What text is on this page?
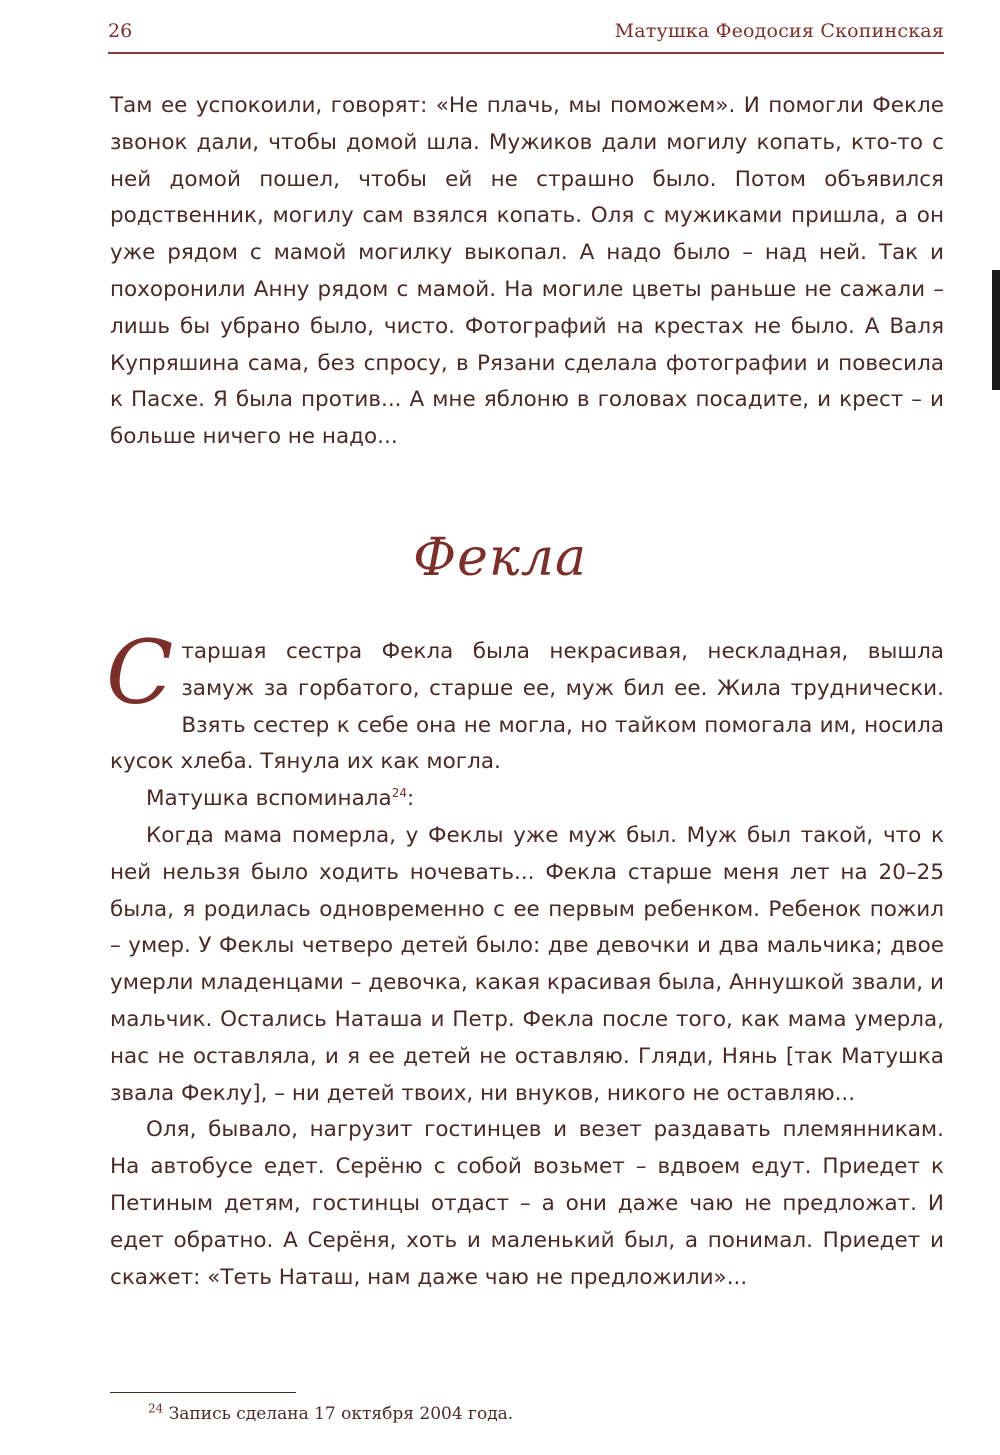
26	Матушка Феодосия Скопинская

Там ее успокоили, говорят: «Не плачь, мы поможем». И помогли Фекле звонок дали, чтобы домой шла. Мужиков дали могилу копать, кто-то с ней домой пошел, чтобы ей не страшно было. Потом объявился родственник, могилу сам взялся копать. Оля с мужиками пришла, а он уже рядом с мамой могилку выкопал. А надо было – над ней. Так и похоронили Анну рядом с мамой. На могиле цветы раньше не сажали – лишь бы убрано было, чисто. Фотографий на крестах не было. А Валя Купряшина сама, без спросу, в Рязани сделала фотографии и повесила к Пасхе. Я была против... А мне яблоню в головах посадите, и крест – и больше ничего не надо...

Фекла

Старшая сестра Фекла была некрасивая, нескладная, вышла замуж за горбатого, старше ее, муж бил ее. Жила труднически. Взять сестер к себе она не могла, но тайком помогала им, носила кусок хлеба. Тянула их как могла.

Матушка вспоминала$^{24}$:

Когда мама померла, у Феклы уже муж был. Муж был такой, что к ней нельзя было ходить ночевать... Фекла старше меня лет на 20–25 была, я родилась одновременно с ее первым ребенком. Ребенок пожил – умер. У Феклы четверо детей было: две девочки и два мальчика; двое умерли младенцами – девочка, какая красивая была, Аннушкой звали, и мальчик. Остались Наташа и Петр. Фекла после того, как мама умерла, нас не оставляла, и я ее детей не оставляю. Гляди, Нянь [так Матушка звала Феклу], – ни детей твоих, ни внуков, никого не оставляю...

Оля, бывало, нагрузит гостинцев и везет раздавать племянникам. На автобусе едет. Серёню с собой возьмет – вдвоем едут. Приедет к Петиным детям, гостинцы отдаст – а они даже чаю не предложат. И едет обратно. А Серёня, хоть и маленький был, а понимал. Приедет и скажет: «Теть Наташ, нам даже чаю не предложили»...

$^{24}$ Запись сделана 17 октября 2004 года.
